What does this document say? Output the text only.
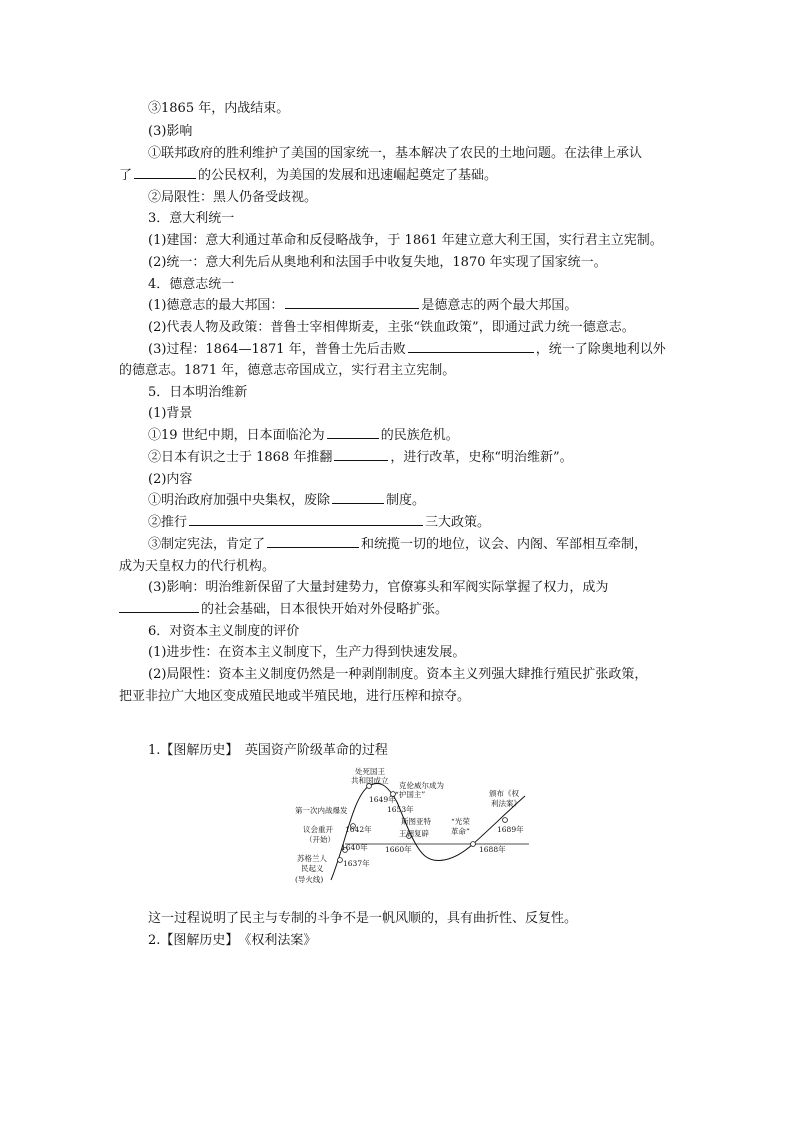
③1865 年，内战结束。
(3)影响
①联邦政府的胜利维护了美国的国家统一，基本解决了农民的土地问题。在法律上承认
了	的公民权利，为美国的发展和迅速崛起奠定了基础。
②局限性：黑人仍备受歧视。
3．意大利统一
(1)建国：意大利通过革命和反侵略战争，于 1861 年建立意大利王国，实行君主立宪制。
(2)统一：意大利先后从奥地利和法国手中收复失地，1870 年实现了国家统一。
4．德意志统一
(1)德意志的最大邦国：	是德意志的两个最大邦国。
(2)代表人物及政策：普鲁士宰相俾斯麦，主张“铁血政策”，即通过武力统一德意志。
(3)过程：1864—1871 年，普鲁士先后击败	，统一了除奥地利以外
的德意志。1871 年，德意志帝国成立，实行君主立宪制。
5．日本明治维新
(1)背景
①19 世纪中期，日本面临沦为	的民族危机。
②日本有识之士于 1868 年推翻	，进行改革，史称“明治维新”。
(2)内容
①明治政府加强中央集权，废除	制度。
②推行	三大政策。
③制定宪法，肯定了	和统揽一切的地位，议会、内阁、军部相互牵制，
成为天皇权力的代行机构。
(3)影响：明治维新保留了大量封建势力，官僚寡头和军阀实际掌握了权力，成为
的社会基础，日本很快开始对外侵略扩张。
6．对资本主义制度的评价
(1)进步性：在资本主义制度下，生产力得到快速发展。
(2)局限性：资本主义制度仍然是一种剥削制度。资本主义列强大肆推行殖民扩张政策，
把亚非拉广大地区变成殖民地或半殖民地，进行压榨和掠夺。
1.【图解历史】　英国资产阶级革命的过程
处死国王
共和国成立
克伦威尔成为
“护国主”
第一次内战爆发
议会重开
（开始）
苏格兰人
民起义
(导火线)
斯图亚特
王朝复辟
“光荣
革命”
颁布《权
利法案》
1637年
1640年
1642年
1649年
1653年
1660年	1688年
1689年
这一过程说明了民主与专制的斗争不是一帆风顺的，具有曲折性、反复性。
2.【图解历史】　《权利法案》
